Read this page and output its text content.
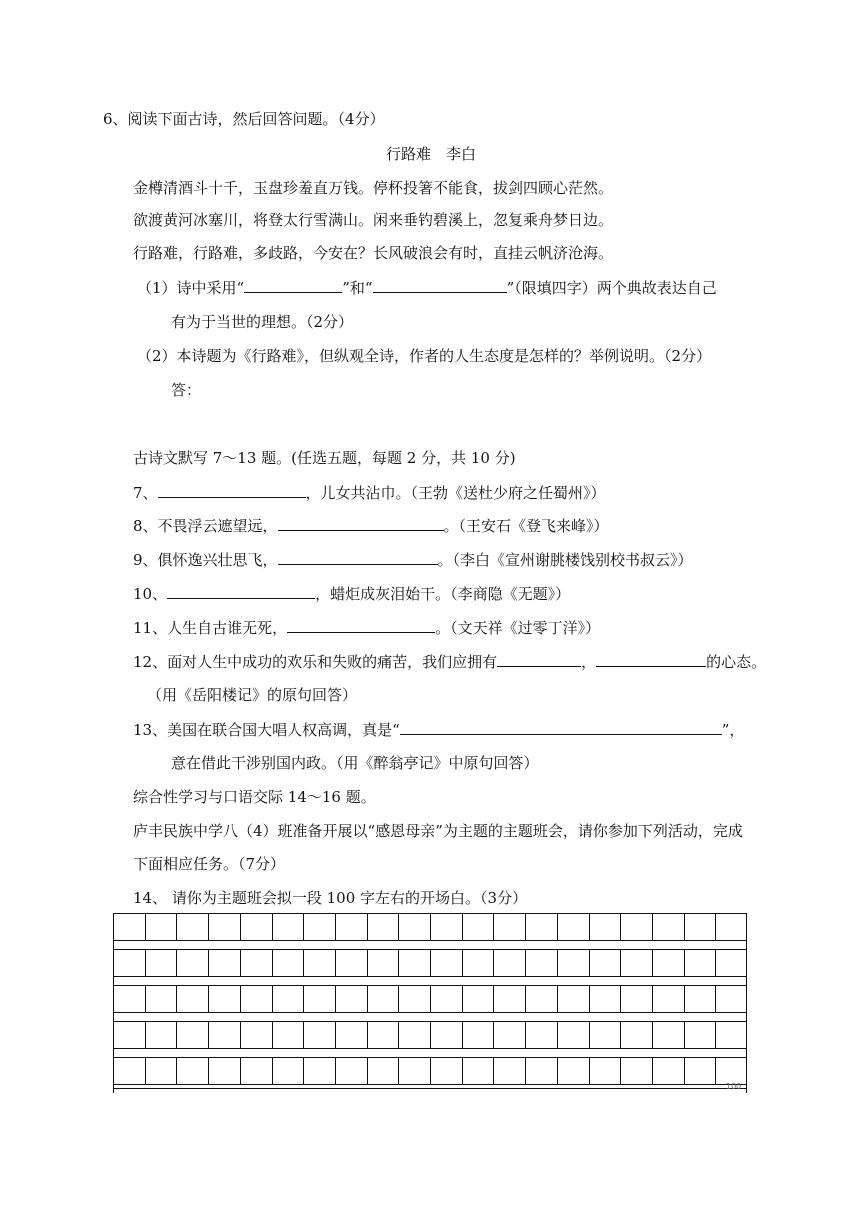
6、阅读下面古诗，然后回答问题。（4分）
行路难　李白
金樽清酒斗十千，玉盘珍羞直万钱。停杯投箸不能食，拔剑四顾心茫然。
欲渡黄河冰塞川，将登太行雪满山。闲来垂钓碧溪上，忽复乘舟梦日边。
行路难，行路难，多歧路，今安在？长风破浪会有时，直挂云帆济沧海。
（1）诗中采用“	”和“	”（限填四字）两个典故表达自己
有为于当世的理想。（2分）
（2）本诗题为《行路难》，但纵观全诗，作者的人生态度是怎样的？举例说明。（2分）
答：
古诗文默写 7～13 题。(任选五题，每题 2 分，共 10 分)
7、	，儿女共沾巾。（王勃《送杜少府之任蜀州》）
8、不畏浮云遮望远，	。（王安石《登飞来峰》）
9、俱怀逸兴壮思飞，	。（李白《宣州谢朓楼饯别校书叔云》）
10、	，蜡炬成灰泪始干。（李商隐《无题》）
11、人生自古谁无死，	。（文天祥《过零丁洋》）
12、面对人生中成功的欢乐和失败的痛苦，我们应拥有	，	的心态。
（用《岳阳楼记》的原句回答）
13、美国在联合国大唱人权高调，真是“	”，
意在借此干涉别国内政。（用《醉翁亭记》中原句回答）
综合性学习与口语交际 14～16 题。
庐丰民族中学八（4）班准备开展以“感恩母亲”为主题的主题班会，请你参加下列活动，完成
下面相应任务。（7分）
14、 请你为主题班会拟一段 100 字左右的开场白。（3分）
100
